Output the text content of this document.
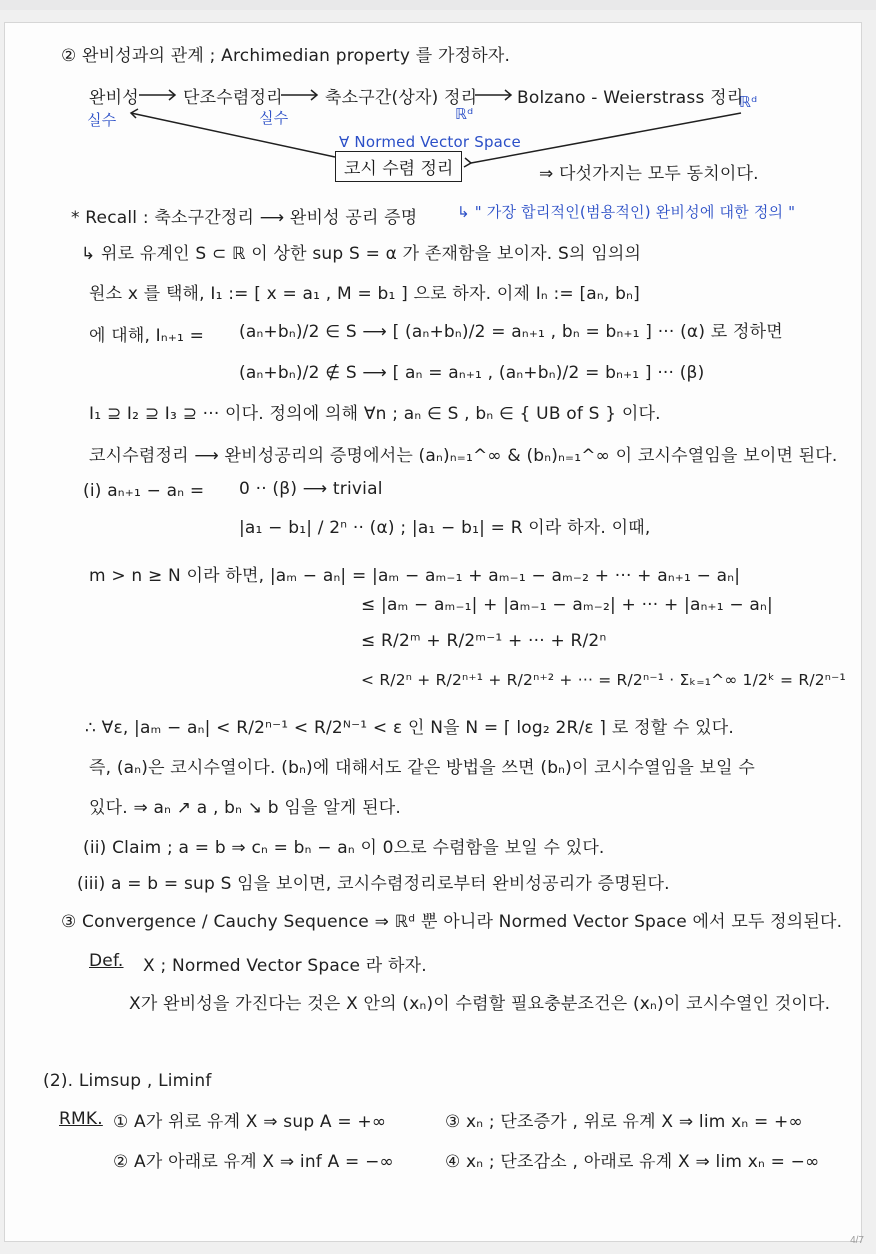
② 완비성과의 관계 ; Archimedian property 를 가정하자.
완비성	단조수렴정리 축소구간(상자) 정리 Bolzano - Weierstrass 정리
실수	실수	ℝᵈ
ℝᵈ
∀ Normed Vector Space
코시 수렴 정리	⇒ 다섯가지는 모두 동치이다.
↳ " 가장 합리적인(범용적인) 완비성에 대한 정의 "
* Recall : 축소구간정리 ⟶ 완비성 공리 증명
↳ 위로 유계인 S ⊂ ℝ 이 상한 sup S = α 가 존재함을 보이자. S의 임의의
원소 x 를 택해, I₁ := [ x = a₁ , M = b₁ ] 으로 하자. 이제 Iₙ := [aₙ, bₙ]
에 대해, Iₙ₊₁ = (aₙ+bₙ)/2 ∈ S ⟶ [ (aₙ+bₙ)/2 = aₙ₊₁ , bₙ = bₙ₊₁ ] ··· (α) 로 정하면
(aₙ+bₙ)/2 ∉ S ⟶ [ aₙ = aₙ₊₁ , (aₙ+bₙ)/2 = bₙ₊₁ ] ··· (β)
I₁ ⊇ I₂ ⊇ I₃ ⊇ ··· 이다. 정의에 의해 ∀n ; aₙ ∈ S , bₙ ∈ { UB of S } 이다.
코시수렴정리 ⟶ 완비성공리의 증명에서는 (aₙ)ₙ₌₁^∞ & (bₙ)ₙ₌₁^∞ 이 코시수열임을 보이면 된다.
(i) aₙ₊₁ − aₙ = 0 ·· (β) ⟶ trivial
|a₁ − b₁| / 2ⁿ ·· (α) ; |a₁ − b₁| = R 이라 하자. 이때,
m > n ≥ N 이라 하면, |aₘ − aₙ| = |aₘ − aₘ₋₁ + aₘ₋₁ − aₘ₋₂ + ··· + aₙ₊₁ − aₙ|
≤ |aₘ − aₘ₋₁| + |aₘ₋₁ − aₘ₋₂| + ··· + |aₙ₊₁ − aₙ|
≤ R/2ᵐ + R/2ᵐ⁻¹ + ··· + R/2ⁿ
< R/2ⁿ + R/2ⁿ⁺¹ + R/2ⁿ⁺² + ··· = R/2ⁿ⁻¹ · Σₖ₌₁^∞ 1/2ᵏ = R/2ⁿ⁻¹
∴ ∀ε, |aₘ − aₙ| < R/2ⁿ⁻¹ < R/2ᴺ⁻¹ < ε 인 N을 N = ⌈ log₂ 2R/ε ⌉ 로 정할 수 있다.
즉, (aₙ)은 코시수열이다. (bₙ)에 대해서도 같은 방법을 쓰면 (bₙ)이 코시수열임을 보일 수
있다. ⇒ aₙ ↗ a , bₙ ↘ b 임을 알게 된다.
(ii) Claim ; a = b ⇒ cₙ = bₙ − aₙ 이 0으로 수렴함을 보일 수 있다.
(iii) a = b = sup S 임을 보이면, 코시수렴정리로부터 완비성공리가 증명된다.
③ Convergence / Cauchy Sequence ⇒ ℝᵈ 뿐 아니라 Normed Vector Space 에서 모두 정의된다.
Def. X ; Normed Vector Space 라 하자.
X가 완비성을 가진다는 것은 X 안의 (xₙ)이 수렴할 필요충분조건은 (xₙ)이 코시수열인 것이다.
(2). Limsup , Liminf
RMK. ① A가 위로 유계 X ⇒ sup A = +∞	③ xₙ ; 단조증가 , 위로 유계 X ⇒ lim xₙ = +∞
② A가 아래로 유계 X ⇒ inf A = −∞	④ xₙ ; 단조감소 , 아래로 유계 X ⇒ lim xₙ = −∞
4/7
